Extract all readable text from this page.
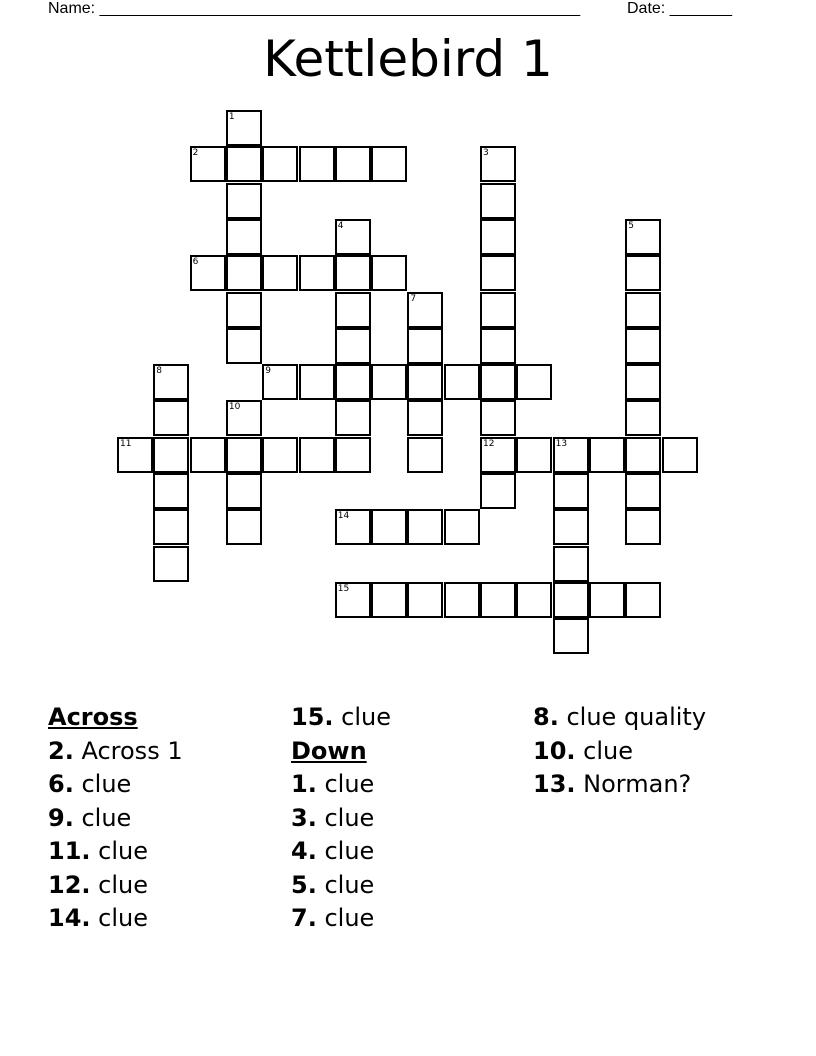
Name: ______________________________________________________	Date: _______
Kettlebird 1
2
6
9
11	12	13
14
15
1
3
4	5
7
8
10
Across
2. Across 1
6. clue
9. clue
11. clue
12. clue
14. clue
15. clue
Down
1. clue
3. clue
4. clue
5. clue
7. clue
8. clue quality
10. clue
13. Norman?
